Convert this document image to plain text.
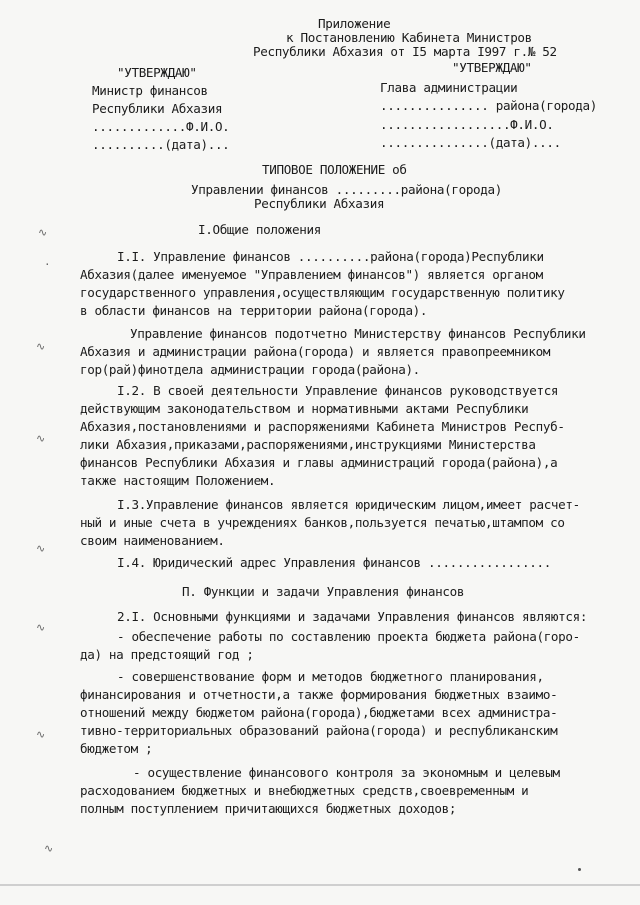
Приложение
к Постановлению Кабинета Министров
Республики Абхазия от I5 марта I997 г.№ 52
"УТВЕРЖДАЮ"
Министр финансов
Республики Абхазия
.............Ф.И.О.
..........(дата)...
"УТВЕРЖДАЮ"
Глава администрации
............... района(города)
..................Ф.И.О.
...............(дата)....
ТИПОВОЕ ПОЛОЖЕНИЕ об
Управлении финансов .........района(города)
Республики Абхазия
I.Общие положения
I.I. Управление финансов ..........района(города)Республики
Абхазия(далее именуемое "Управлением финансов") является органом
государственного управления,осуществляющим государственную политику
в области финансов на территории района(города).
Управление финансов подотчетно Министерству финансов Республики
Абхазия и администрации района(города) и является правопреемником
гор(рай)финотдела администрации города(района).
I.2. В своей деятельности Управление финансов руководствуется
действующим законодательством и нормативными актами Республики
Абхазия,постановлениями и распоряжениями Кабинета Министров Респуб-
лики Абхазия,приказами,распоряжениями,инструкциями Министерства
финансов Республики Абхазия и главы администраций города(района),а
также настоящим Положением.
I.3.Управление финансов является юридическим лицом,имеет расчет-
ный и иные счета в учреждениях банков,пользуется печатью,штампом со
своим наименованием.
I.4. Юридический адрес Управления финансов .................
П. Функции и задачи Управления финансов
2.I. Основными функциями и задачами Управления финансов являются:
- обеспечение работы по составлению проекта бюджета района(горо-
да) на предстоящий год ;
- совершенствование форм и методов бюджетного планирования,
финансирования и отчетности,а также формирования бюджетных взаимо-
отношений между бюджетом района(города),бюджетами всех администра-
тивно-территориальных образований района(города) и республиканским
бюджетом ;
- осуществление финансового контроля за экономным и целевым
расходованием бюджетных и внебюджетных средств,своевременным и
полным поступлением причитающихся бюджетных доходов;
∿
·
∿
∿
∿
∿
∿
∿
